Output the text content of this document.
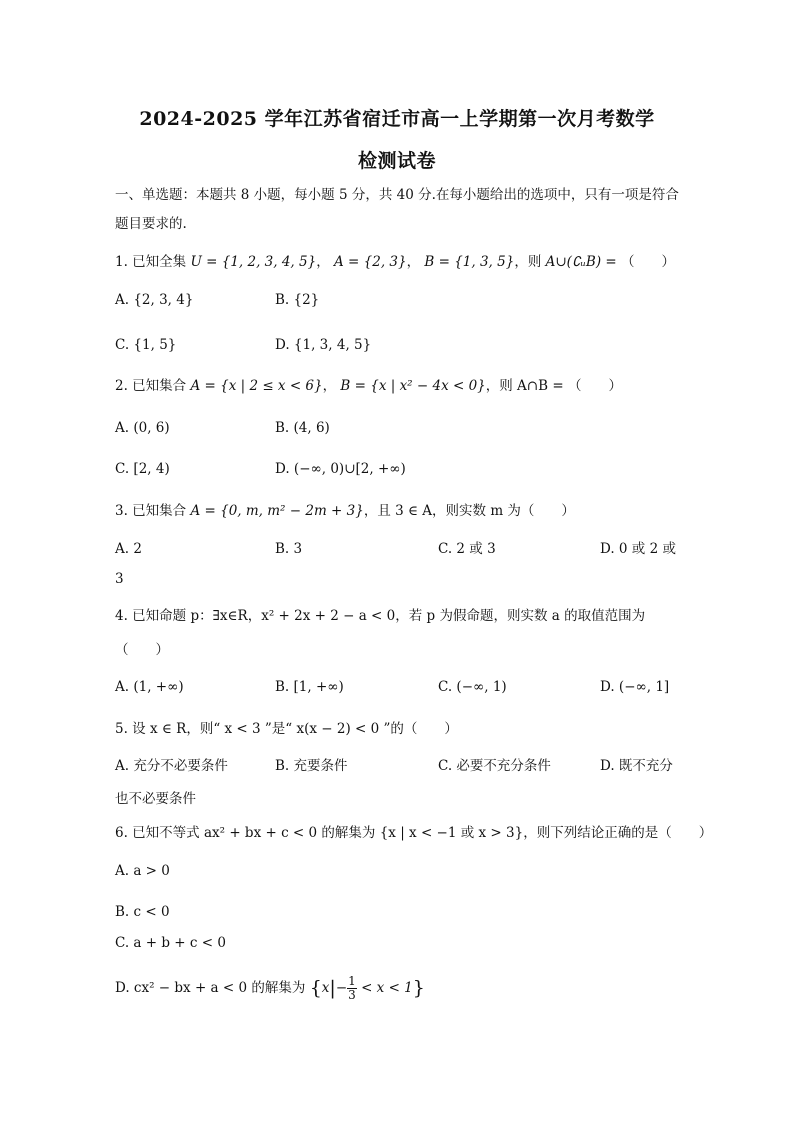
2024-2025 学年江苏省宿迁市高一上学期第一次月考数学
检测试卷
一、单选题：本题共 8 小题，每小题 5 分，共 40 分.在每小题给出的选项中，只有一项是符合
题目要求的.
1. 已知全集 U = {1, 2, 3, 4, 5}， A = {2, 3}， B = {1, 3, 5}，则 A∪(∁ᵤB) = （　　）
A. {2, 3, 4}	B. {2}
C. {1, 5}	D. {1, 3, 4, 5}
2. 已知集合 A = {x | 2 ≤ x < 6}， B = {x | x² − 4x < 0}，则 A∩B = （　　）
A. (0, 6)	B. (4, 6)
C. [2, 4)	D. (−∞, 0)∪[2, +∞)
3. 已知集合 A = {0, m, m² − 2m + 3}，且 3 ∈ A，则实数 m 为（　　）
A. 2	B. 3	C. 2 或 3	D. 0 或 2 或
3
4. 已知命题 p：∃x∈R，x² + 2x + 2 − a < 0，若 p 为假命题，则实数 a 的取值范围为
（　　）
A. (1, +∞)	B. [1, +∞)	C. (−∞, 1)	D. (−∞, 1]
5. 设 x ∈ R，则“ x < 3 ”是“ x(x − 2) < 0 ”的（　　）
A. 充分不必要条件	B. 充要条件	C. 必要不充分条件	D. 既不充分
也不必要条件
6. 已知不等式 ax² + bx + c < 0 的解集为 {x | x < −1 或 x > 3}，则下列结论正确的是（　　）
A. a > 0
B. c < 0
C. a + b + c < 0
D. cx² − bx + a < 0 的解集为 $\{x|- \frac{1}{3} < x < 1\}$
